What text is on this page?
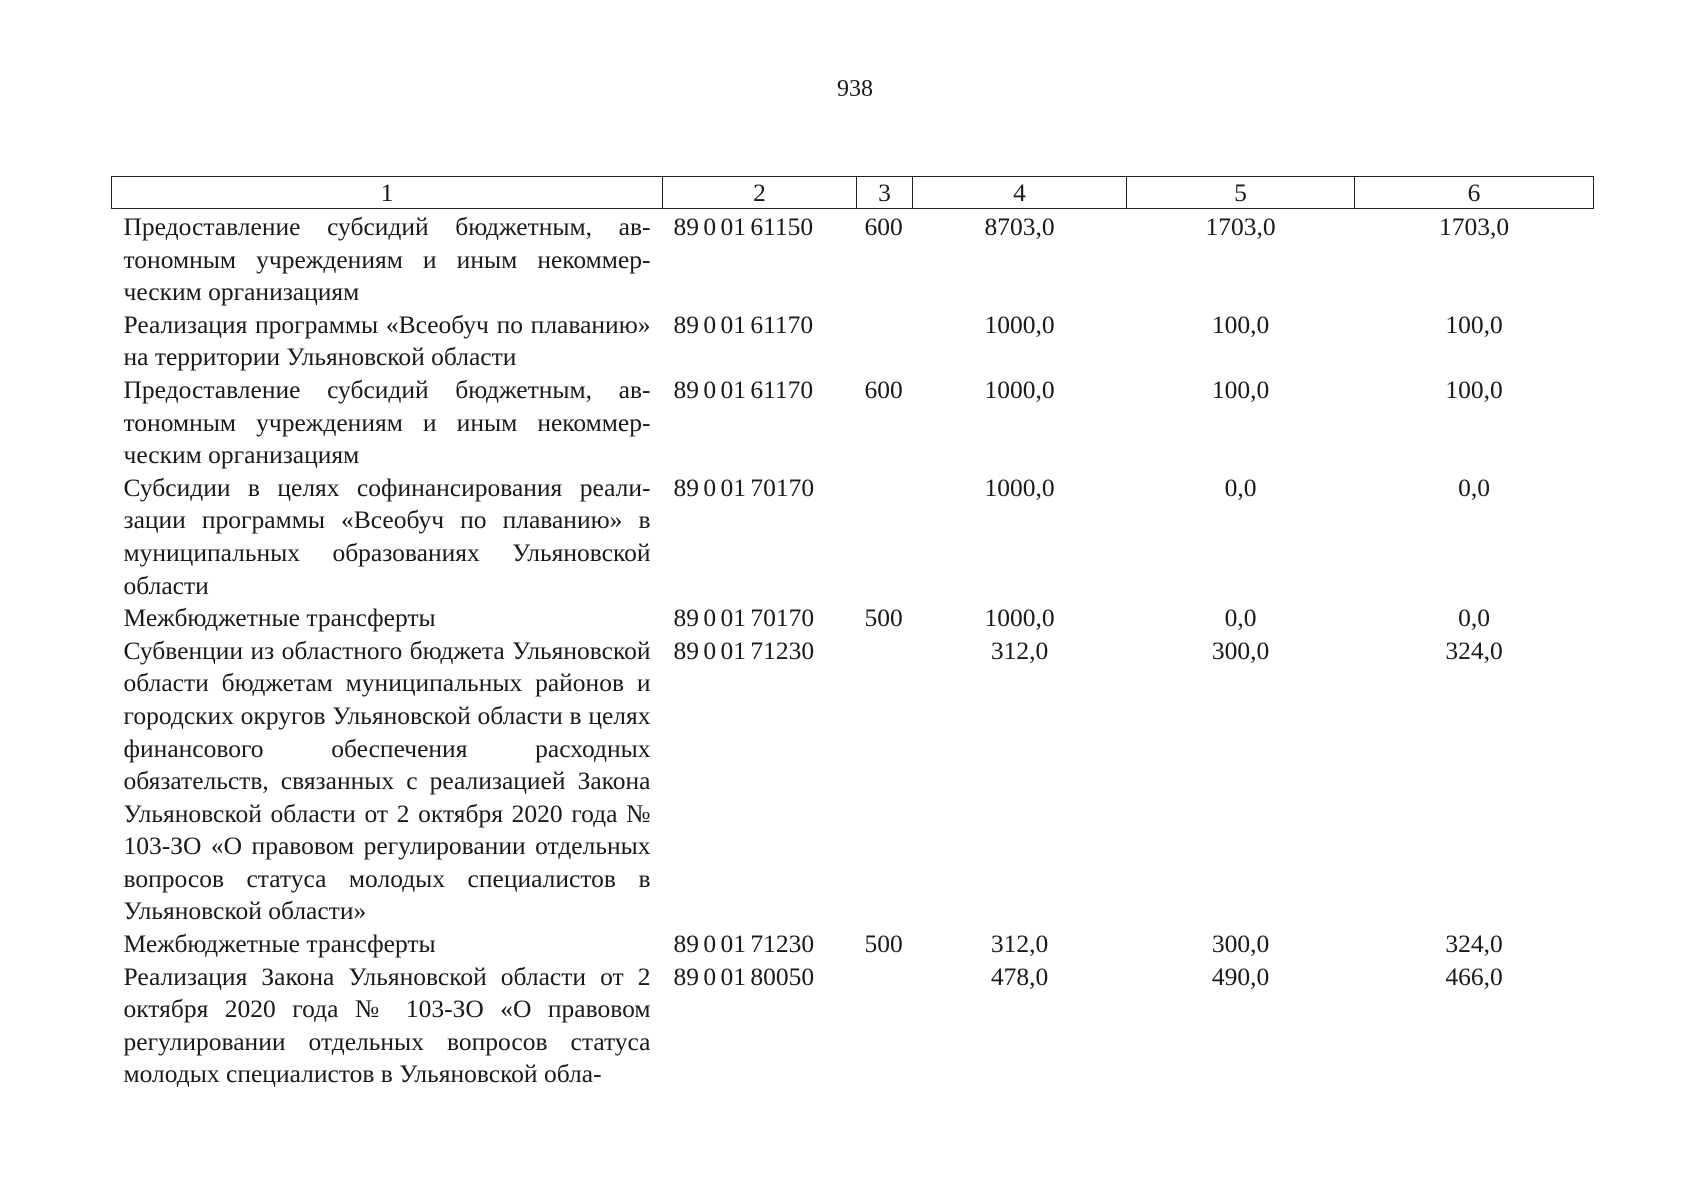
938
1	2	3	4	5	6
Предоставление субсидий бюджетным, автономным учреждениям и иным некоммерческим организациям	89 0 01 61150	600	8703,0	1703,0	1703,0
Реализация программы «Всеобуч по плаванию» на территории Ульяновской области	89 0 01 61170		1000,0	100,0	100,0
Предоставление субсидий бюджетным, автономным учреждениям и иным некоммерческим организациям	89 0 01 61170	600	1000,0	100,0	100,0
Субсидии в целях софинансирования реализации программы «Всеобуч по плаванию» в муниципальных образованиях Ульяновской области	89 0 01 70170		1000,0	0,0	0,0
Межбюджетные трансферты	89 0 01 70170	500	1000,0	0,0	0,0
Субвенции из областного бюджета Ульяновской области бюджетам муниципальных районов и городских округов Ульяновской области в целях финансового обеспечения расходных обязательств, связанных с реализацией Закона Ульяновской области от 2 октября 2020 года № 103-ЗО «О правовом регулировании отдельных вопросов статуса молодых специалистов в Ульяновской области»	89 0 01 71230		312,0	300,0	324,0
Межбюджетные трансферты	89 0 01 71230	500	312,0	300,0	324,0
Реализация Закона Ульяновской области от 2 октября 2020 года № 103-ЗО «О правовом регулировании отдельных вопросов статуса молодых специалистов в Ульяновской обла-	89 0 01 80050		478,0	490,0	466,0
